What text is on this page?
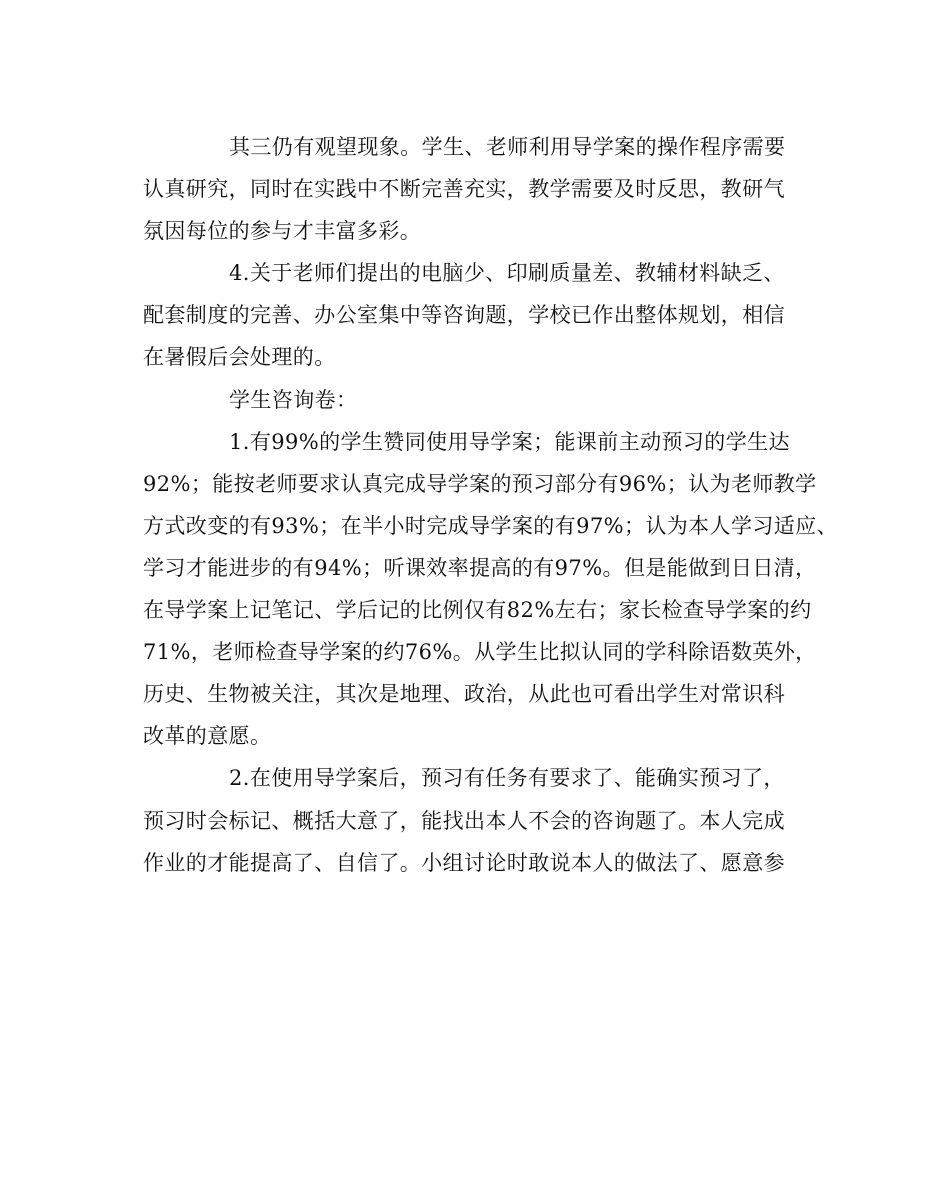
其三仍有观望现象。学生、老师利用导学案的操作程序需要
认真研究，同时在实践中不断完善充实，教学需要及时反思，教研气
氛因每位的参与才丰富多彩。
4.关于老师们提出的电脑少、印刷质量差、教辅材料缺乏、
配套制度的完善、办公室集中等咨询题，学校已作出整体规划，相信
在暑假后会处理的。
学生咨询卷：
1.有99%的学生赞同使用导学案；能课前主动预习的学生达
92%；能按老师要求认真完成导学案的预习部分有96%；认为老师教学
方式改变的有93%；在半小时完成导学案的有97%；认为本人学习适应、
学习才能进步的有94%；听课效率提高的有97%。但是能做到日日清，
在导学案上记笔记、学后记的比例仅有82%左右；家长检查导学案的约
71%，老师检查导学案的约76%。从学生比拟认同的学科除语数英外，
历史、生物被关注，其次是地理、政治，从此也可看出学生对常识科
改革的意愿。
2.在使用导学案后，预习有任务有要求了、能确实预习了，
预习时会标记、概括大意了，能找出本人不会的咨询题了。本人完成
作业的才能提高了、自信了。小组讨论时敢说本人的做法了、愿意参
